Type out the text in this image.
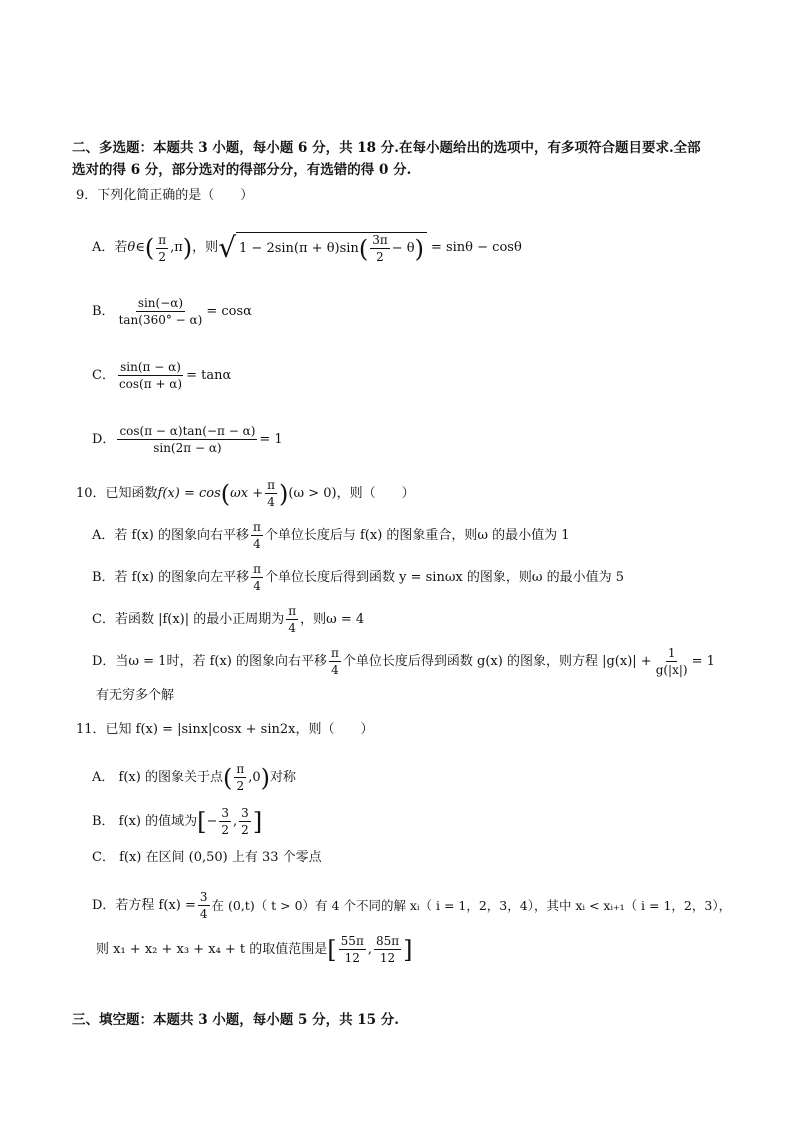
二、多选题：本题共 3 小题，每小题 6 分，共 18 分.在每小题给出的选项中，有多项符合题目要求.全部
选对的得 6 分，部分选对的得部分分，有选错的得 0 分.
9．下列化简正确的是（　　）
A．若 θ∈ ( $\frac{\pi}{2} ,\pi$ ) ，则 √ 1 − 2sin(π + θ)sin ( $\frac{3\pi}{2} - \theta$ ) = sinθ − cosθ
B． $\frac{\sin(-\alpha)}{\tan(360^\circ - \alpha)} = \cos\alpha$
C． $\frac{\sin(\pi - \alpha)}{\cos(\pi + \alpha)} = \tan\alpha$
D． $\frac{\cos(\pi - \alpha)\tan(-\pi - \alpha)}{\sin(2\pi - \alpha)} = 1$
10．已知函数 f(x) = cos ( $\omega x + \frac{\pi}{4}$ ) (ω > 0)，则（　　）
A．若 f(x) 的图象向右平移 $\frac{\pi}{4}$ 个单位长度后与 f(x) 的图象重合，则ω 的最小值为 1
B．若 f(x) 的图象向左平移 $\frac{\pi}{4}$ 个单位长度后得到函数 y = sinωx 的图象，则ω 的最小值为 5
C．若函数 |f(x)| 的最小正周期为 $\frac{\pi}{4}$ ，则ω = 4
D．当ω = 1时，若 f(x) 的图象向右平移 $\frac{\pi}{4}$ 个单位长度后得到函数 g(x) 的图象，则方程 $|g(x)| + \frac{1}{g(|x|)} = 1$
有无穷多个解
11．已知 f(x) = |sinx|cosx + sin2x，则（　　）
A． f(x) 的图象关于点 ( $\frac{\pi}{2} ,0$ ) 对称
B． f(x) 的值域为 [ − $\frac{3}{2}$ , $\frac{3}{2}$ ]
C． f(x) 在区间 (0,50) 上有 33 个零点
D．若方程 $f(x) = \frac{3}{4}$ 在 (0,t)（ t > 0）有 4 个不同的解 xᵢ（ i = 1，2，3，4），其中 xᵢ < xᵢ₊₁（ i = 1，2，3），
则 x₁ + x₂ + x₃ + x₄ + t 的取值范围是 [ $\frac{55\pi}{12}$ , $\frac{85\pi}{12}$ ]
三、填空题：本题共 3 小题，每小题 5 分，共 15 分.
